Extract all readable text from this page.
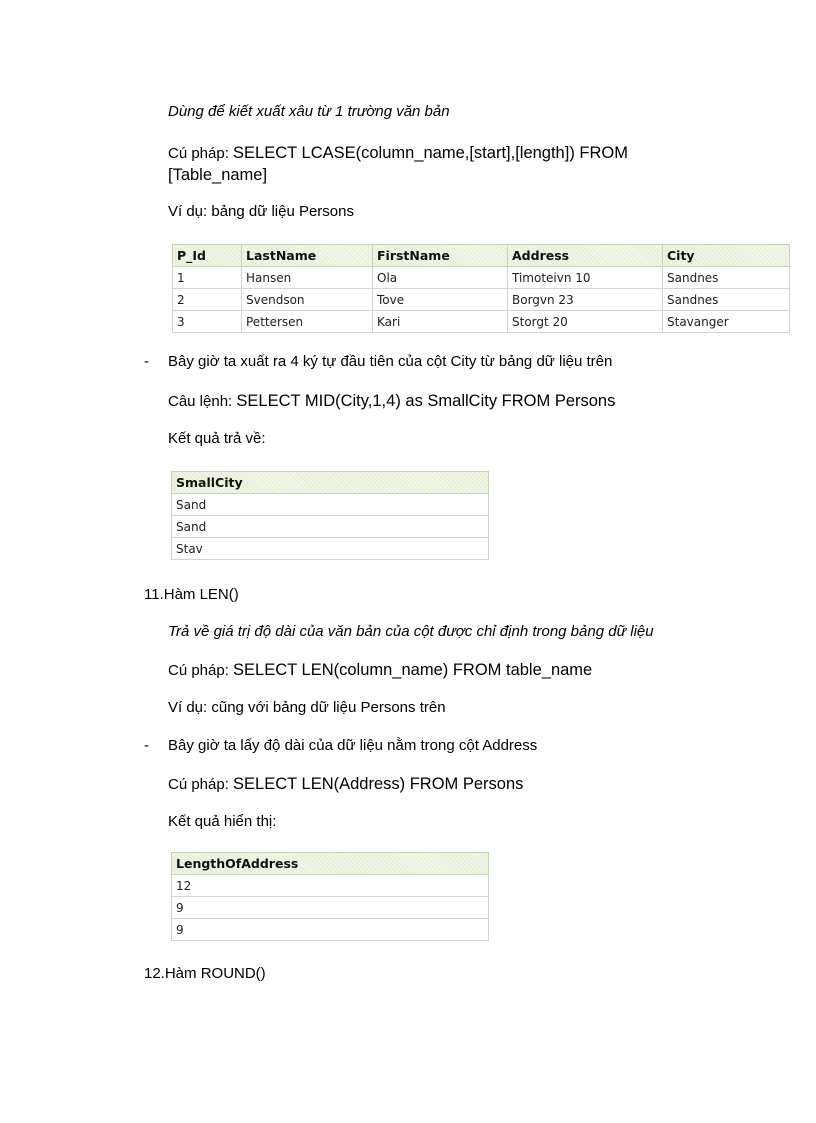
Dùng để kiết xuất xâu từ 1 trường văn bản
Cú pháp: SELECT LCASE(column_name,[start],[length]) FROM
[Table_name]
Ví dụ: bảng dữ liệu Persons
P_Id	LastName	FirstName	Address	City
1	Hansen	Ola	Timoteivn 10	Sandnes
2	Svendson	Tove	Borgvn 23	Sandnes
3	Pettersen	Kari	Storgt 20	Stavanger
- Bây giờ ta xuất ra 4 ký tự đầu tiên của cột City từ bảng dữ liệu trên
Câu lệnh: SELECT MID(City,1,4) as SmallCity FROM Persons
Kết quả trả về:
SmallCity
Sand
Sand
Stav
11.Hàm LEN()
Trả về giá trị độ dài của văn bản của cột được chỉ định trong bảng dữ liệu
Cú pháp: SELECT LEN(column_name) FROM table_name
Ví dụ: cũng với bảng dữ liệu Persons trên
- Bây giờ ta lấy độ dài của dữ liệu nằm trong cột Address
Cú pháp: SELECT LEN(Address) FROM Persons
Kết quả hiển thị:
LengthOfAddress
12
9
9
12.Hàm ROUND()
